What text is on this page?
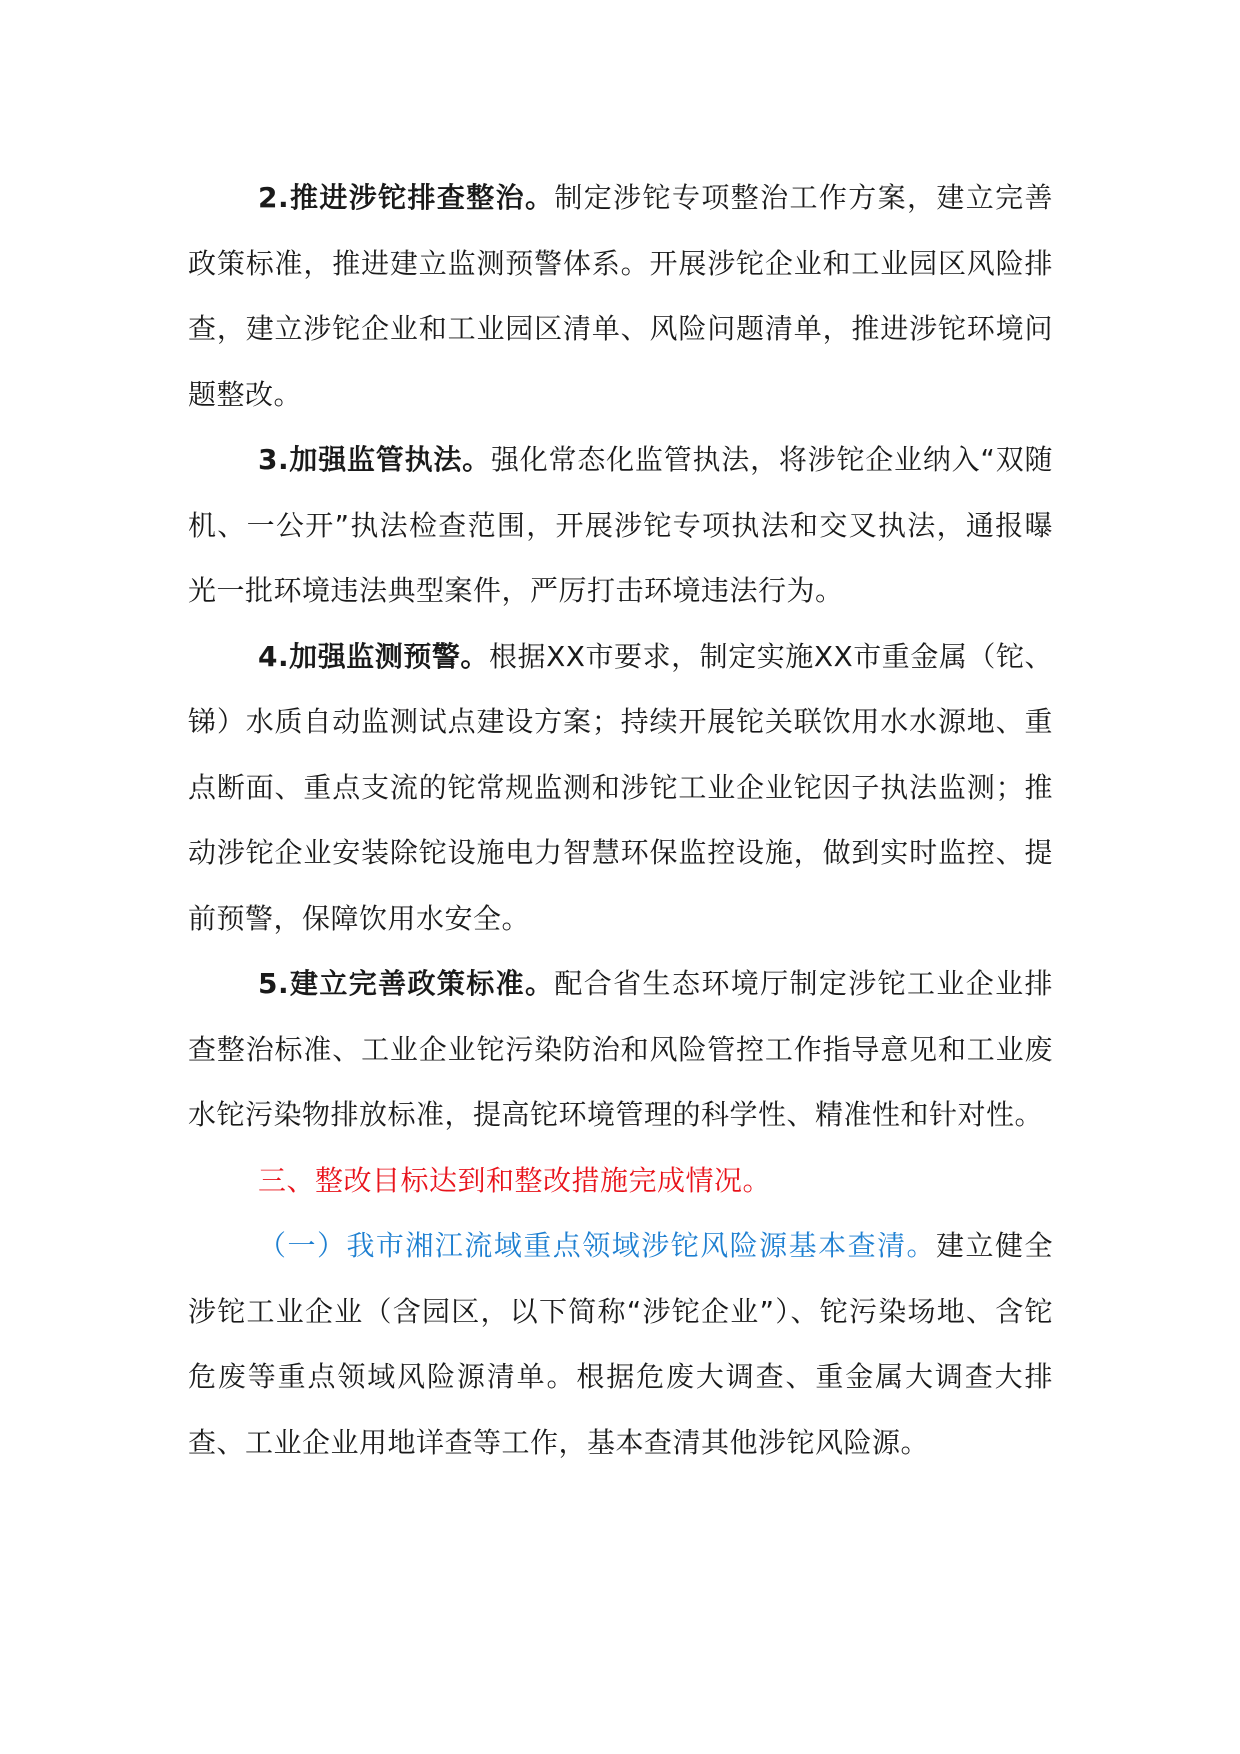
2.推进涉铊排查整治。制定涉铊专项整治工作方案，建立完善政策标准，推进建立监测预警体系。开展涉铊企业和工业园区风险排查，建立涉铊企业和工业园区清单、风险问题清单，推进涉铊环境问题整改。

3.加强监管执法。强化常态化监管执法，将涉铊企业纳入“双随机、一公开”执法检查范围，开展涉铊专项执法和交叉执法，通报曝光一批环境违法典型案件，严厉打击环境违法行为。

4.加强监测预警。根据XX市要求，制定实施XX市重金属（铊、锑）水质自动监测试点建设方案；持续开展铊关联饮用水水源地、重点断面、重点支流的铊常规监测和涉铊工业企业铊因子执法监测；推动涉铊企业安装除铊设施电力智慧环保监控设施，做到实时监控、提前预警，保障饮用水安全。

5.建立完善政策标准。配合省生态环境厅制定涉铊工业企业排查整治标准、工业企业铊污染防治和风险管控工作指导意见和工业废水铊污染物排放标准，提高铊环境管理的科学性、精准性和针对性。

三、整改目标达到和整改措施完成情况。

（一）我市湘江流域重点领域涉铊风险源基本查清。建立健全涉铊工业企业（含园区，以下简称“涉铊企业”）、铊污染场地、含铊危废等重点领域风险源清单。根据危废大调查、重金属大调查大排查、工业企业用地详查等工作，基本查清其他涉铊风险源。
